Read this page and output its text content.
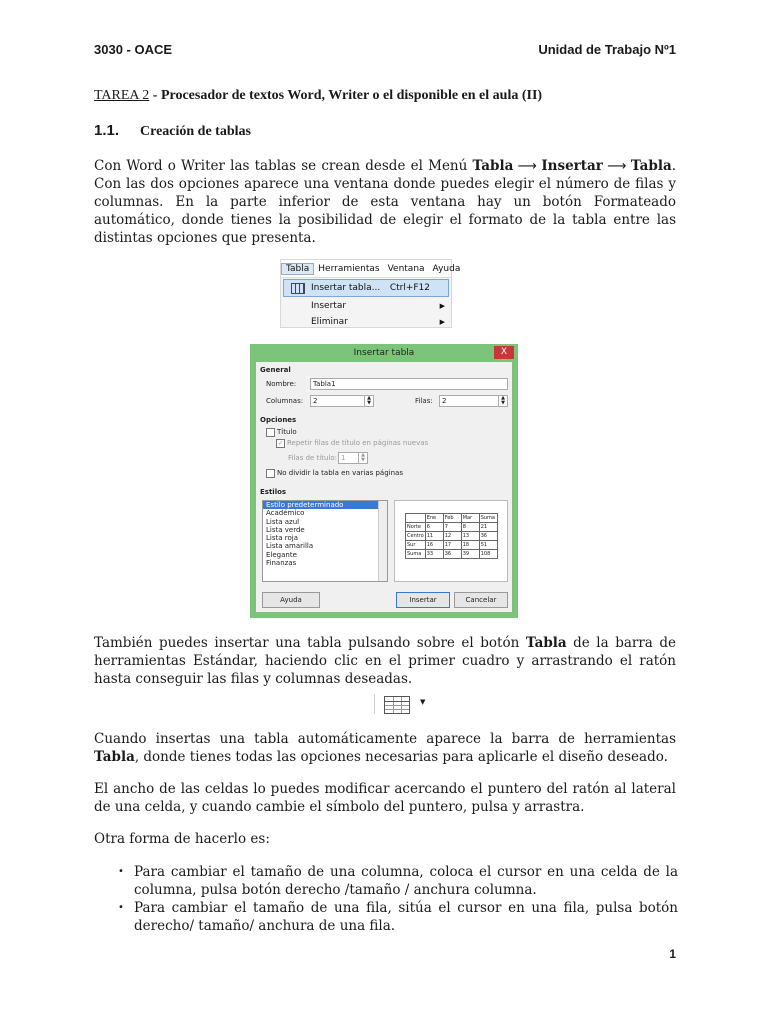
3030 - OACE	Unidad de Trabajo Nº1
TAREA 2 - Procesador de textos Word, Writer o el disponible en el aula (II)
1.1. Creación de tablas
Con Word o Writer las tablas se crean desde el Menú Tabla ⟶ Insertar ⟶ Tabla. Con las dos opciones aparece una ventana donde puedes elegir el número de filas y columnas. En la parte inferior de esta ventana hay un botón Formateado automático, donde tienes la posibilidad de elegir el formato de la tabla entre las distintas opciones que presenta.
Tabla	Herramientas Ventana Ayuda
Insertar tabla... Ctrl+F12
Insertar	▶
Eliminar	▶
Insertar tabla	X
General
Nombre:	Tabla1
Columnas:	2	▲
▼	Filas:	2	▲
▼
Opciones
Título
✓ Repetir filas de título en páginas nuevas
Filas de título: 1	▲
▼
No dividir la tabla en varias páginas
Estilos
Estilo predeterminado
Académico
Lista azul
Lista verde
Lista roja
Lista amarilla
Elegante
Finanzas
	Ene	Feb	Mar	Suma
Norte	6	7	8	21
Centro	11	12	13	36
Sur	16	17	18	51
Suma	33	36	39	108
Ayuda	Insertar	Cancelar
También puedes insertar una tabla pulsando sobre el botón Tabla de la barra de herramientas Estándar, haciendo clic en el primer cuadro y arrastrando el ratón hasta conseguir las filas y columnas deseadas.
▼
Cuando insertas una tabla automáticamente aparece la barra de herramientas Tabla, donde tienes todas las opciones necesarias para aplicarle el diseño deseado.
El ancho de las celdas lo puedes modificar acercando el puntero del ratón al lateral de una celda, y cuando cambie el símbolo del puntero, pulsa y arrastra.
Otra forma de hacerlo es:
• Para cambiar el tamaño de una columna, coloca el cursor en una celda de la columna, pulsa botón derecho /tamaño / anchura columna.
• Para cambiar el tamaño de una fila, sitúa el cursor en una fila, pulsa botón derecho/ tamaño/ anchura de una fila.
1
